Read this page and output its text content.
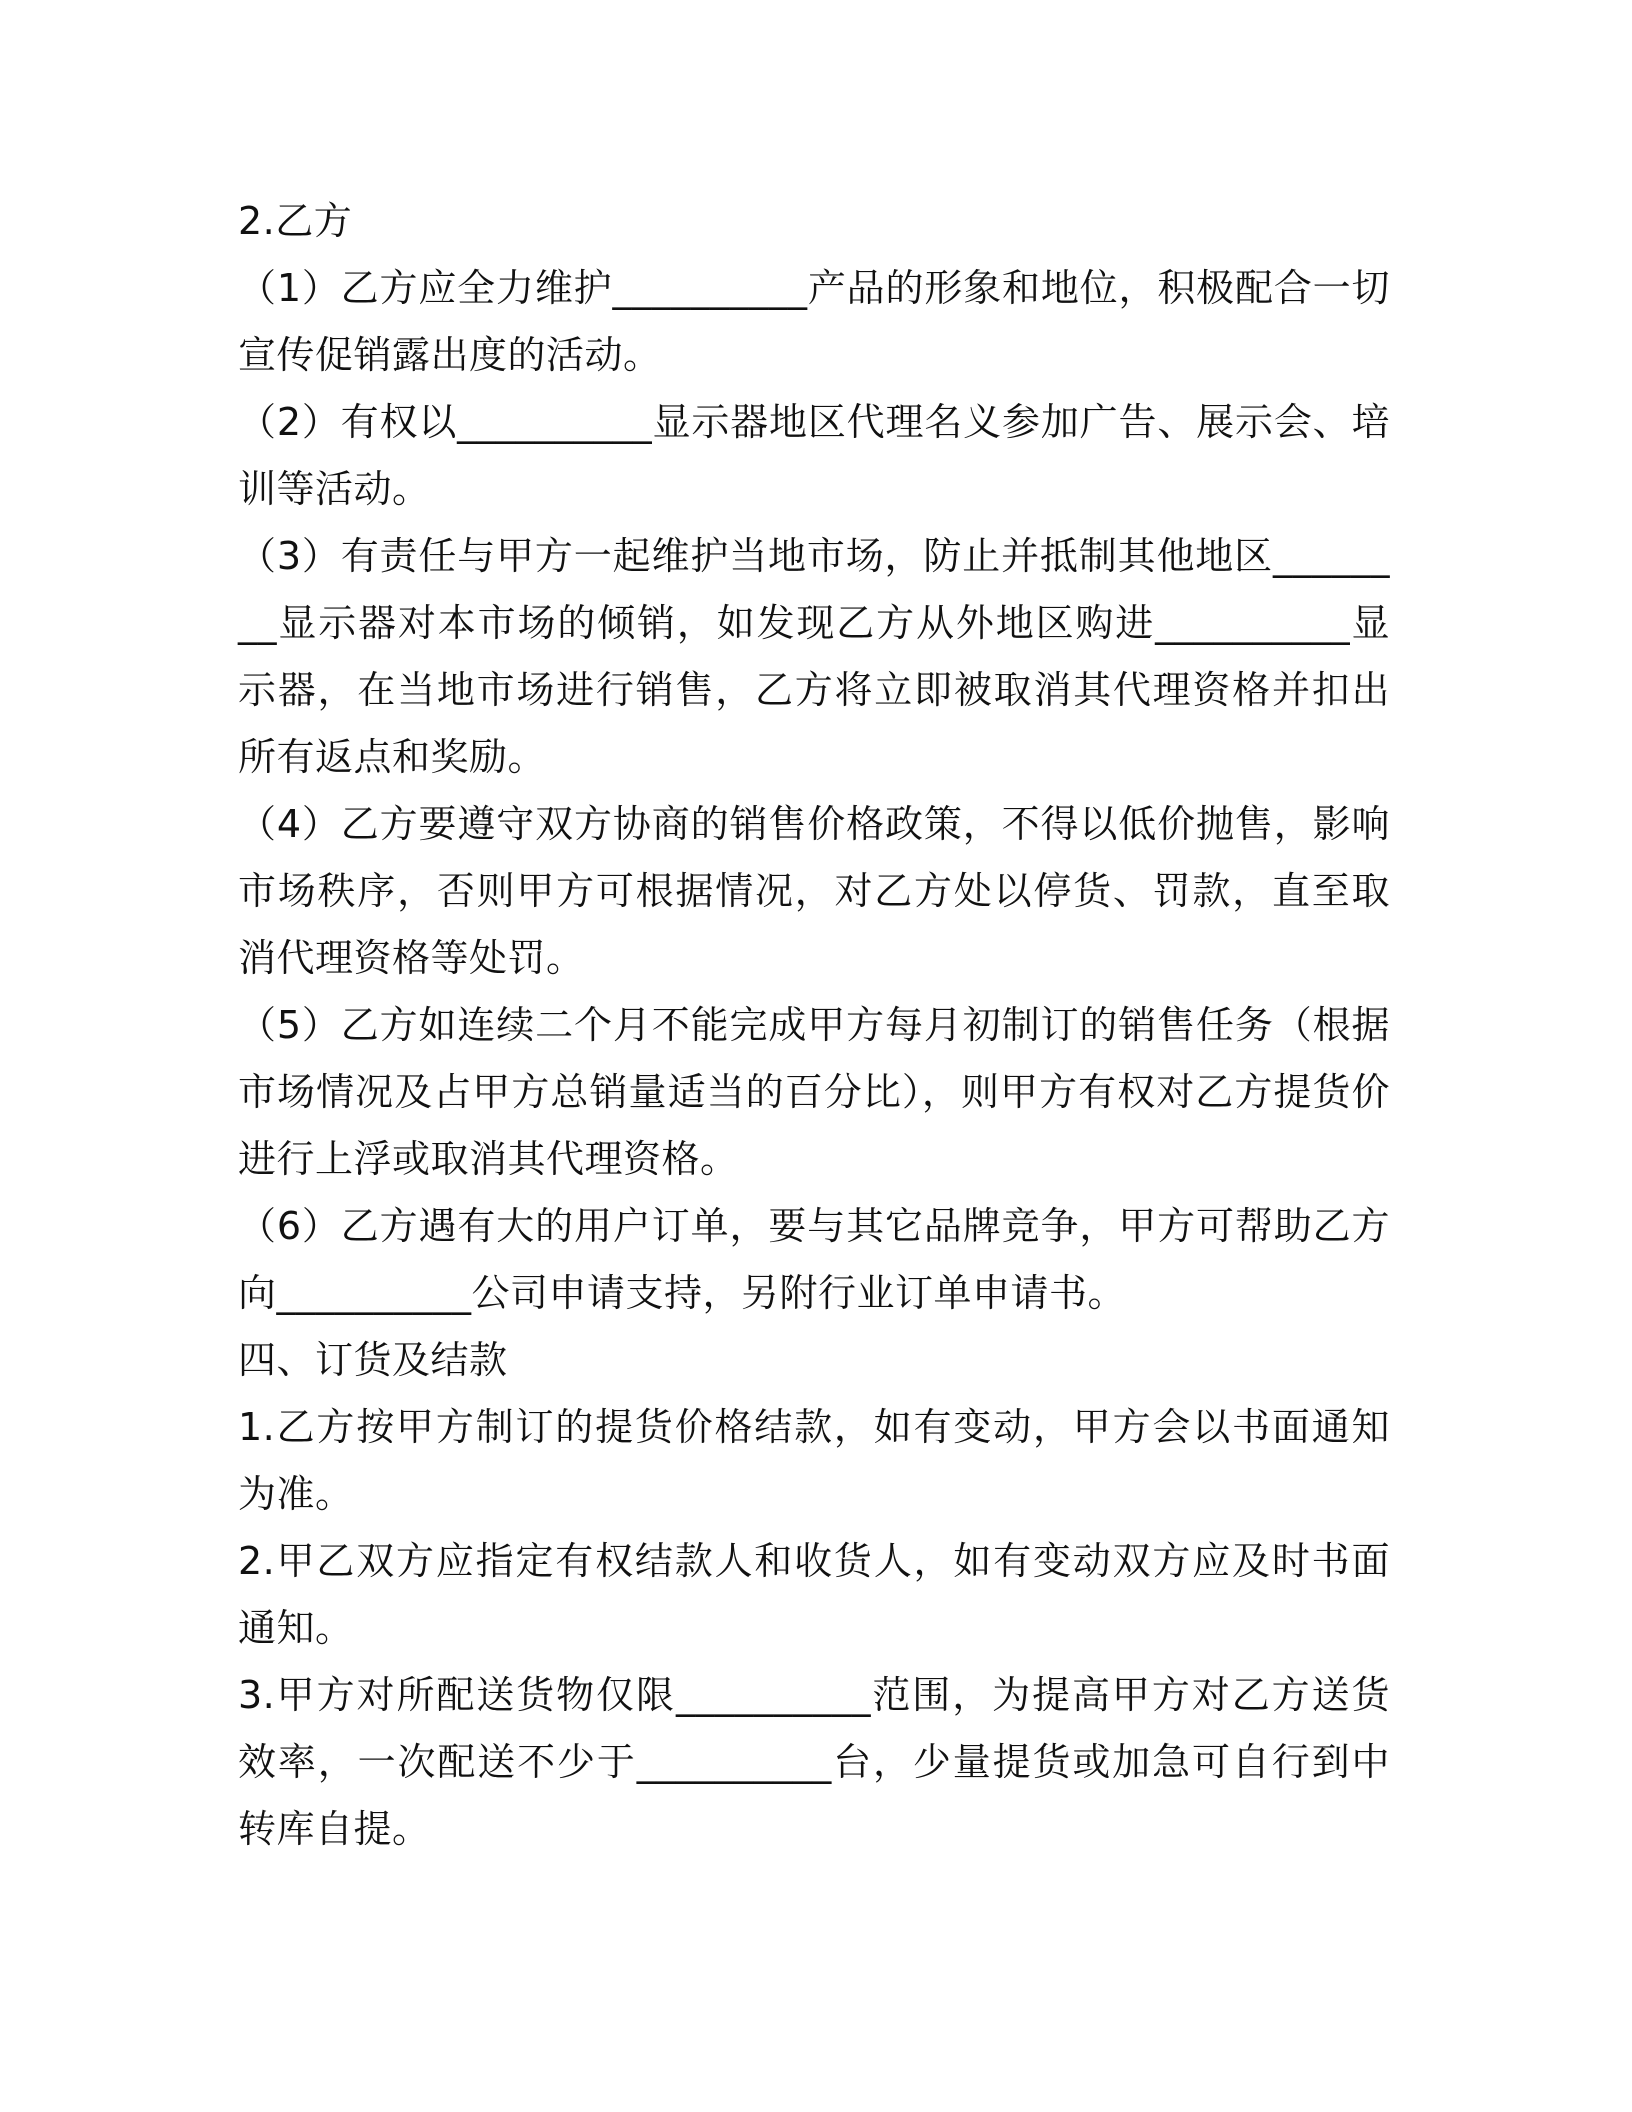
2.乙方

（1）乙方应全力维护__________产品的形象和地位，积极配合一切宣传促销露出度的活动。

（2）有权以__________显示器地区代理名义参加广告、展示会、培训等活动。

（3）有责任与甲方一起维护当地市场，防止并抵制其他地区________显示器对本市场的倾销，如发现乙方从外地区购进__________显示器，在当地市场进行销售，乙方将立即被取消其代理资格并扣出所有返点和奖励。

（4）乙方要遵守双方协商的销售价格政策，不得以低价抛售，影响市场秩序，否则甲方可根据情况，对乙方处以停货、罚款，直至取消代理资格等处罚。

（5）乙方如连续二个月不能完成甲方每月初制订的销售任务（根据市场情况及占甲方总销量适当的百分比），则甲方有权对乙方提货价进行上浮或取消其代理资格。

（6）乙方遇有大的用户订单，要与其它品牌竞争，甲方可帮助乙方向__________公司申请支持，另附行业订单申请书。

四、订货及结款

1.乙方按甲方制订的提货价格结款，如有变动，甲方会以书面通知为准。

2.甲乙双方应指定有权结款人和收货人，如有变动双方应及时书面通知。

3.甲方对所配送货物仅限__________范围，为提高甲方对乙方送货效率，一次配送不少于__________台，少量提货或加急可自行到中转库自提。
